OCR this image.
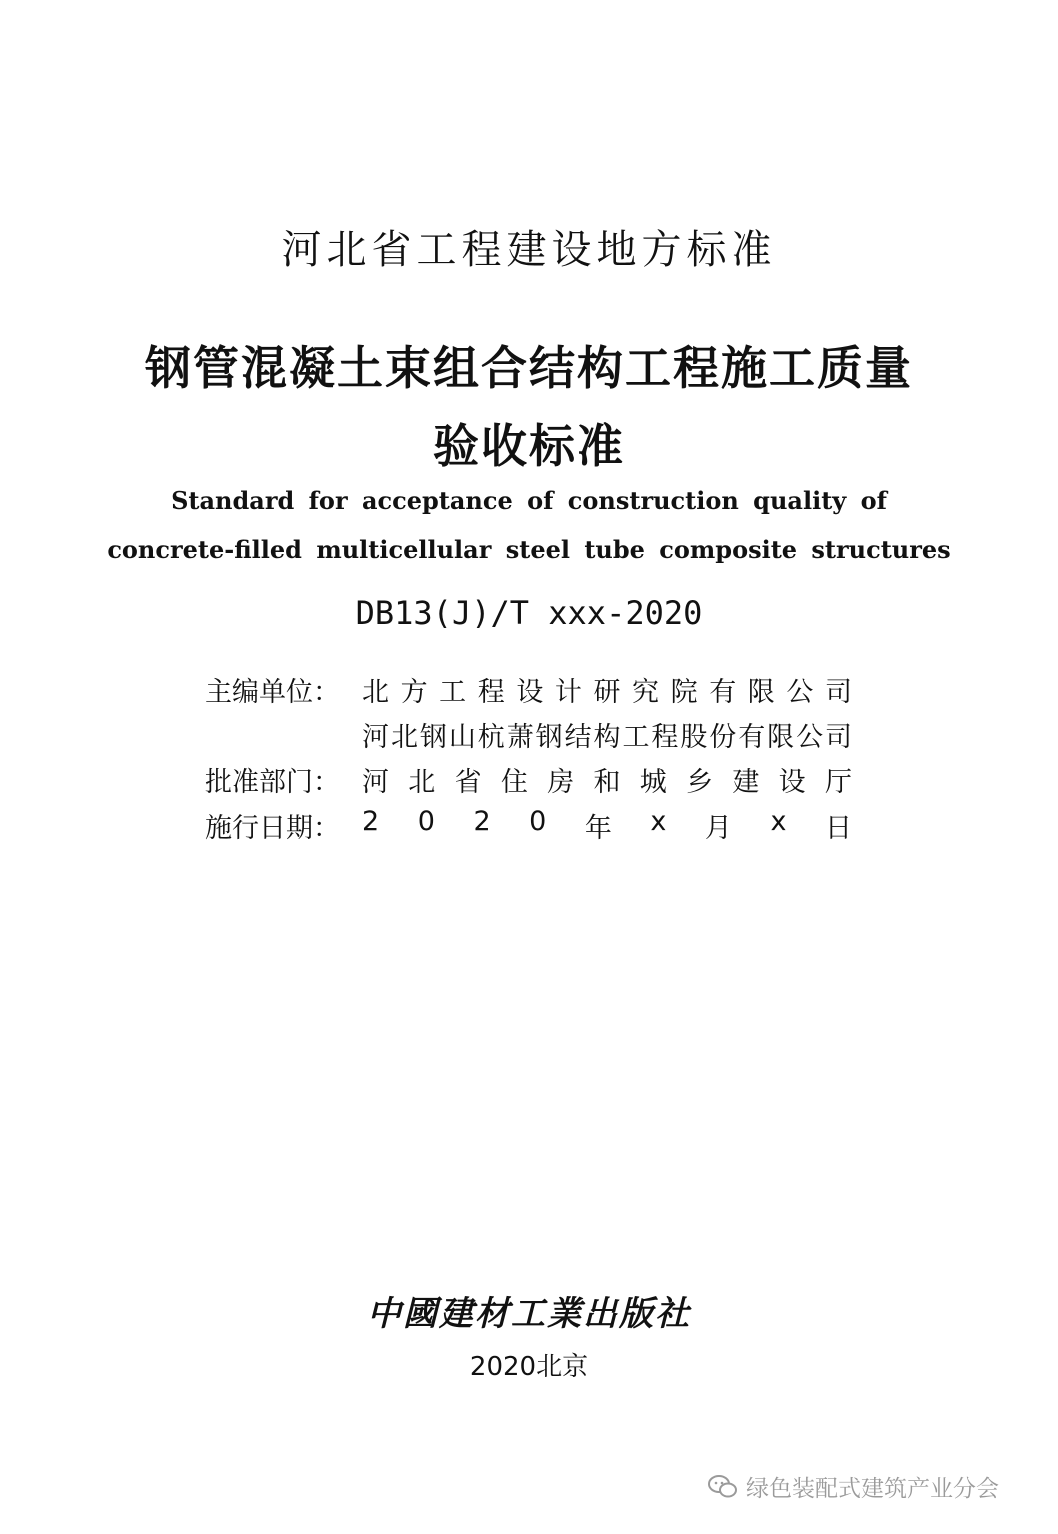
河北省工程建设地方标准
钢管混凝土束组合结构工程施工质量
验收标准
Standard for acceptance of construction quality of
concrete-filled multicellular steel tube composite structures
DB13(J)/T xxx-2020
主编单位： 北 方 工 程 设 计 研 究 院 有 限 公 司
河 北 钢 山 杭 萧 钢 结 构 工 程 股 份 有 限 公 司
批准部门： 河 北 省 住 房 和 城 乡 建 设 厅
施行日期： 2 0 2 0 年 x 月 x 日
中國建材工業出版社
2020北京
绿色装配式建筑产业分会
